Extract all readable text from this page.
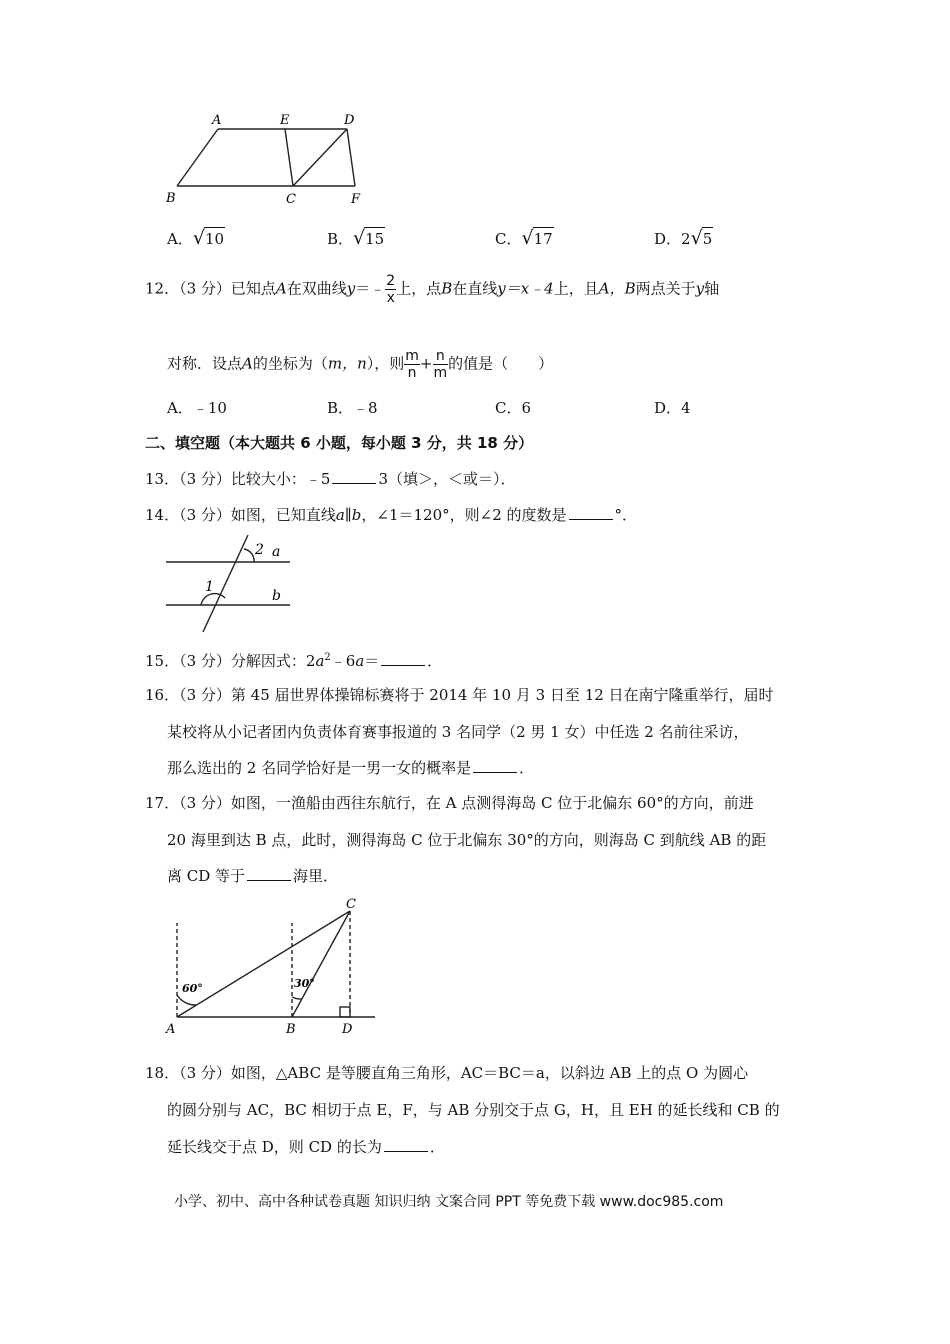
A	E	D
B	C	F
A．√10	B．√15	C．√17	D．2√5
12．（3 分）已知点A在双曲线y＝﹣ $\frac{2}{x}$ 上，点B在直线y＝x﹣4上，且A，B两点关于y轴
对称．设点A的坐标为（m，n），则 $\frac{m}{n} + \frac{n}{m}$ 的值是（　　）
A．﹣10	B．﹣8	C．6	D．4
二、填空题（本大题共 6 小题，每小题 3 分，共 18 分）
13．（3 分）比较大小：﹣5	3（填＞，＜或＝）．
14．（3 分）如图，已知直线a∥b，∠1＝120°，则∠2 的度数是	°．
2 a
1
b
15．（3 分）分解因式：$2a^2﹣6a=$	．
16．（3 分）第 45 届世界体操锦标赛将于 2014 年 10 月 3 日至 12 日在南宁隆重举行，届时
某校将从小记者团内负责体育赛事报道的 3 名同学（2 男 1 女）中任选 2 名前往采访，
那么选出的 2 名同学恰好是一男一女的概率是	．
17．（3 分）如图，一渔船由西往东航行，在 A 点测得海岛 C 位于北偏东 60°的方向，前进
20 海里到达 B 点，此时，测得海岛 C 位于北偏东 30°的方向，则海岛 C 到航线 AB 的距
离 CD 等于	海里．
C
A	B	D
60°	30°
18．（3 分）如图，△ABC 是等腰直角三角形，AC＝BC＝a，以斜边 AB 上的点 O 为圆心
的圆分别与 AC，BC 相切于点 E，F，与 AB 分别交于点 G，H，且 EH 的延长线和 CB 的
延长线交于点 D，则 CD 的长为	．
小学、初中、高中各种试卷真题 知识归纳 文案合同 PPT 等免费下载 www.doc985.com
